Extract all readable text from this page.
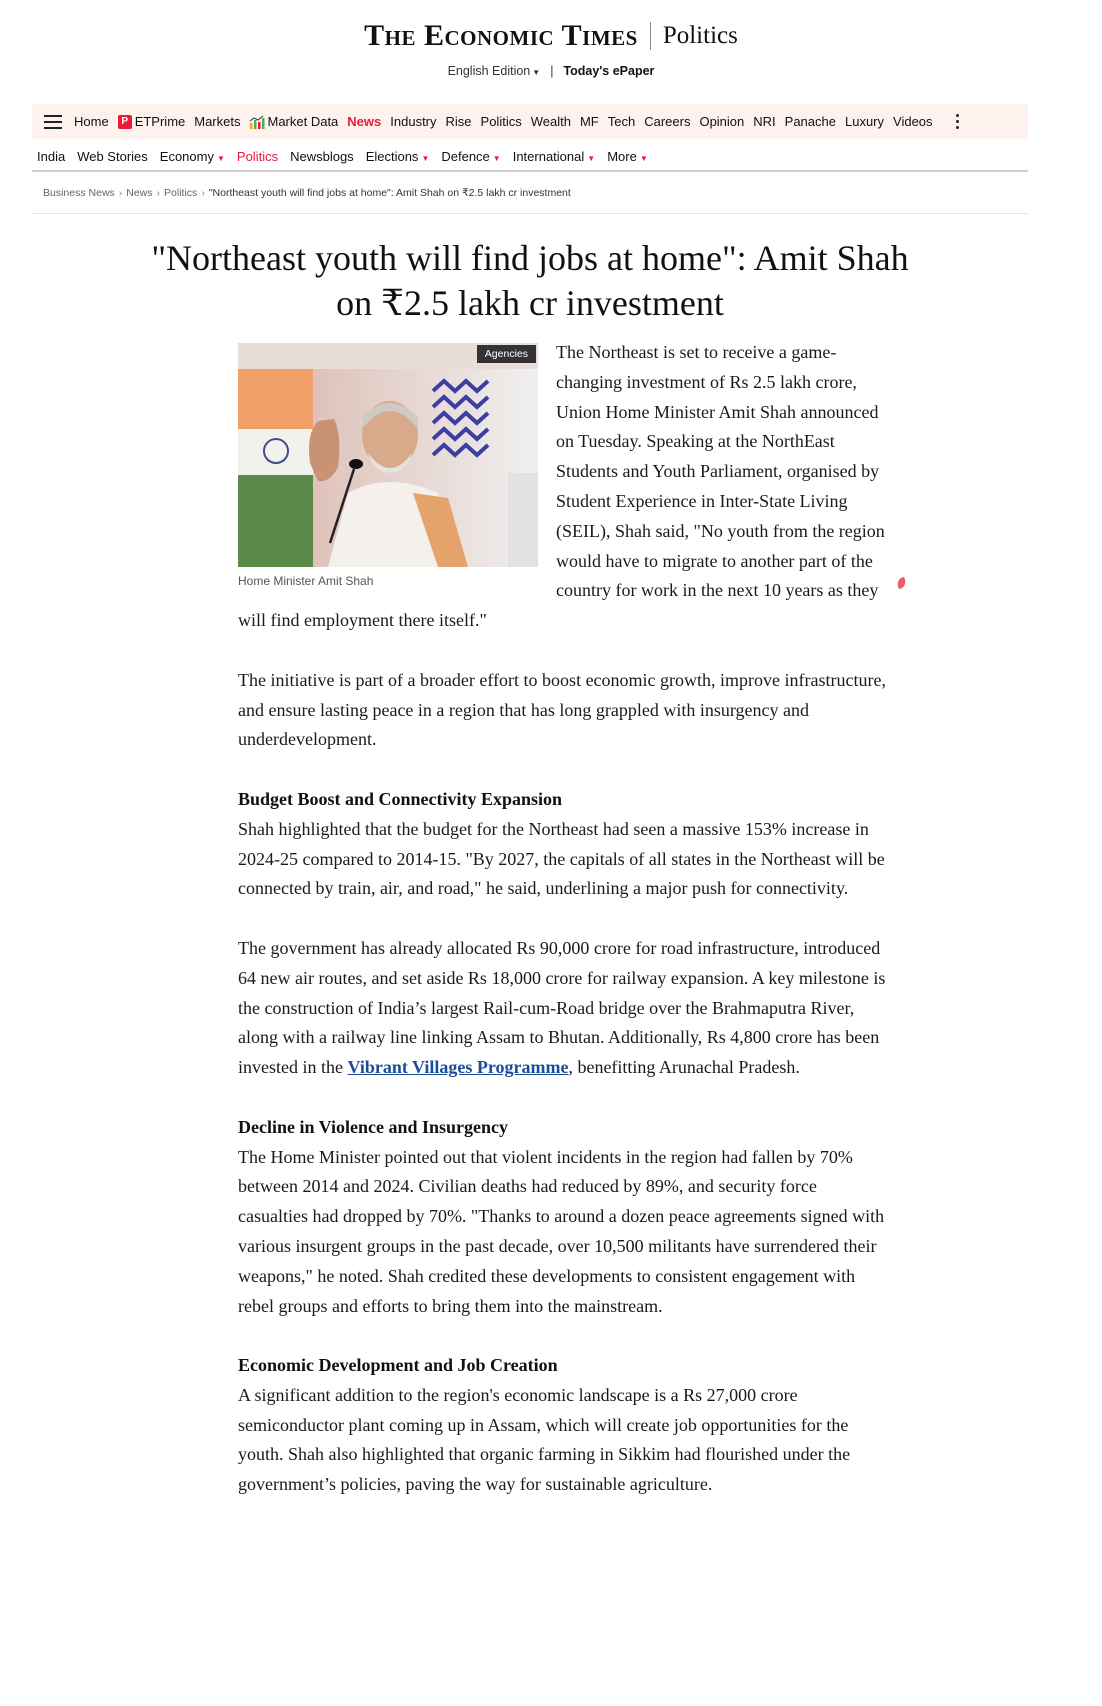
The Economic Times Politics
English Edition ▼ | Today's ePaper
Home	P ETPrime Markets Market Data News Industry Rise Politics Wealth MF Tech Careers Opinion NRI Panache Luxury Videos
India Web Stories Economy ▼ Politics Newsblogs Elections ▼ Defence ▼ International ▼ More ▼
Business News › News › Politics › "Northeast youth will find jobs at home": Amit Shah on ₹2.5 lakh cr investment
"Northeast youth will find jobs at home": Amit Shah on ₹2.5 lakh cr investment
Agencies
Home Minister Amit Shah

The Northeast is set to receive a game-changing investment of Rs 2.5 lakh crore, Union Home Minister Amit Shah announced on Tuesday. Speaking at the NorthEast Students and Youth Parliament, organised by Student Experience in Inter-State Living (SEIL), Shah said, "No youth from the region would have to migrate to another part of the country for work in the next 10 years as they will find employment there itself."

The initiative is part of a broader effort to boost economic growth, improve infrastructure, and ensure lasting peace in a region that has long grappled with insurgency and underdevelopment.

Budget Boost and Connectivity Expansion

Shah highlighted that the budget for the Northeast had seen a massive 153% increase in 2024-25 compared to 2014-15. "By 2027, the capitals of all states in the Northeast will be connected by train, air, and road," he said, underlining a major push for connectivity.

The government has already allocated Rs 90,000 crore for road infrastructure, introduced 64 new air routes, and set aside Rs 18,000 crore for railway expansion. A key milestone is the construction of India’s largest Rail-cum-Road bridge over the Brahmaputra River, along with a railway line linking Assam to Bhutan. Additionally, Rs 4,800 crore has been invested in the Vibrant Villages Programme, benefitting Arunachal Pradesh.

Decline in Violence and Insurgency

The Home Minister pointed out that violent incidents in the region had fallen by 70% between 2014 and 2024. Civilian deaths had reduced by 89%, and security force casualties had dropped by 70%. "Thanks to around a dozen peace agreements signed with various insurgent groups in the past decade, over 10,500 militants have surrendered their weapons," he noted. Shah credited these developments to consistent engagement with rebel groups and efforts to bring them into the mainstream.

Economic Development and Job Creation

A significant addition to the region's economic landscape is a Rs 27,000 crore semiconductor plant coming up in Assam, which will create job opportunities for the youth. Shah also highlighted that organic farming in Sikkim had flourished under the government’s policies, paving the way for sustainable agriculture.
